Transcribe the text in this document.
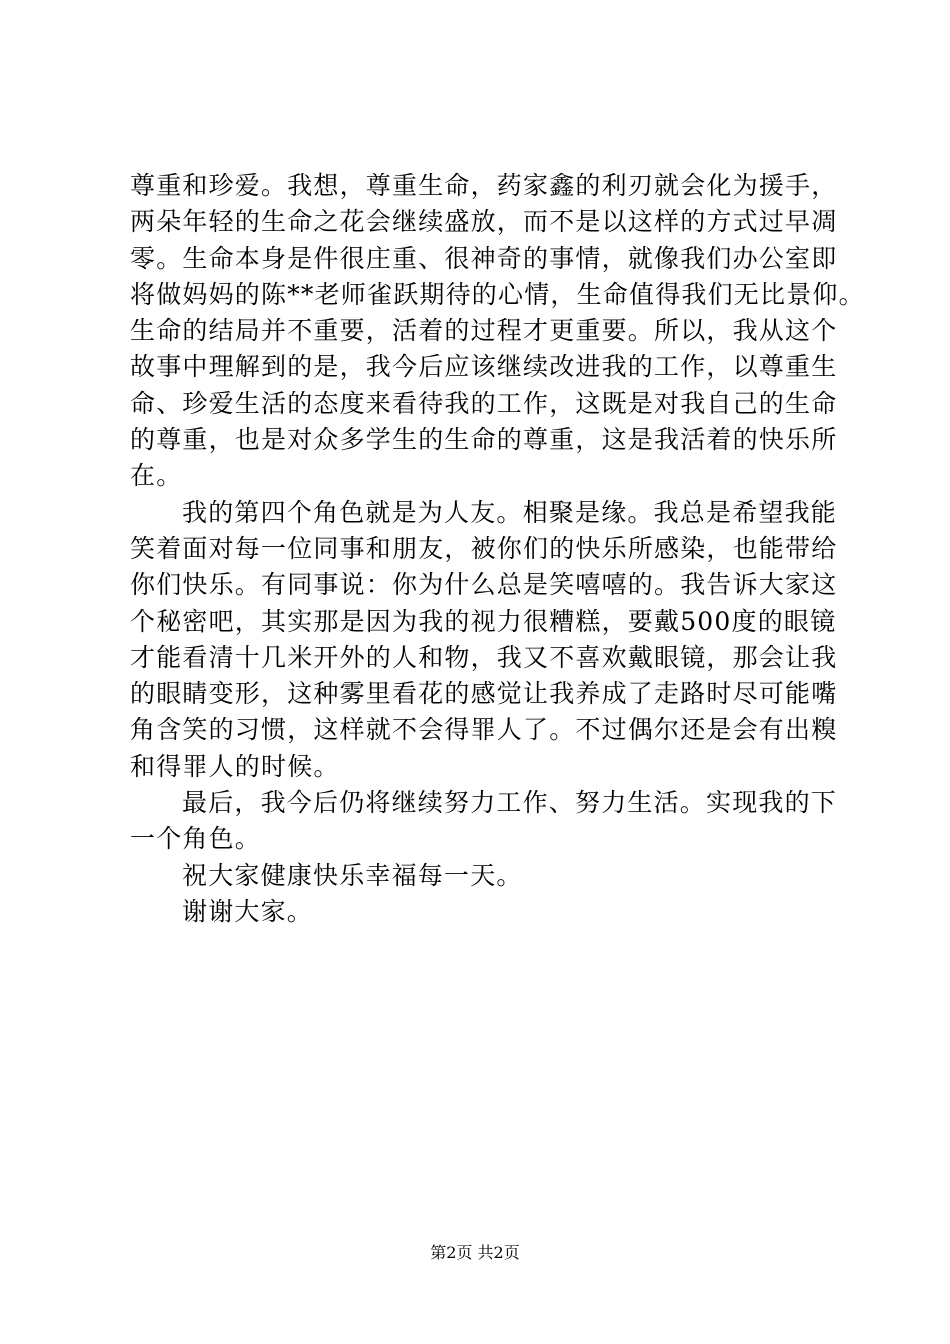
尊重和珍爱。我想，尊重生命，药家鑫的利刃就会化为援手，
两朵年轻的生命之花会继续盛放，而不是以这样的方式过早凋
零。生命本身是件很庄重、很神奇的事情，就像我们办公室即
将做妈妈的陈**老师雀跃期待的心情，生命值得我们无比景仰。
生命的结局并不重要，活着的过程才更重要。所以，我从这个
故事中理解到的是，我今后应该继续改进我的工作，以尊重生
命、珍爱生活的态度来看待我的工作，这既是对我自己的生命
的尊重，也是对众多学生的生命的尊重，这是我活着的快乐所
在。
我的第四个角色就是为人友。相聚是缘。我总是希望我能
笑着面对每一位同事和朋友，被你们的快乐所感染，也能带给
你们快乐。有同事说：你为什么总是笑嘻嘻的。我告诉大家这
个秘密吧，其实那是因为我的视力很糟糕，要戴500度的眼镜
才能看清十几米开外的人和物，我又不喜欢戴眼镜，那会让我
的眼睛变形，这种雾里看花的感觉让我养成了走路时尽可能嘴
角含笑的习惯，这样就不会得罪人了。不过偶尔还是会有出糗
和得罪人的时候。
最后，我今后仍将继续努力工作、努力生活。实现我的下
一个角色。
祝大家健康快乐幸福每一天。
谢谢大家。
第2页 共2页
